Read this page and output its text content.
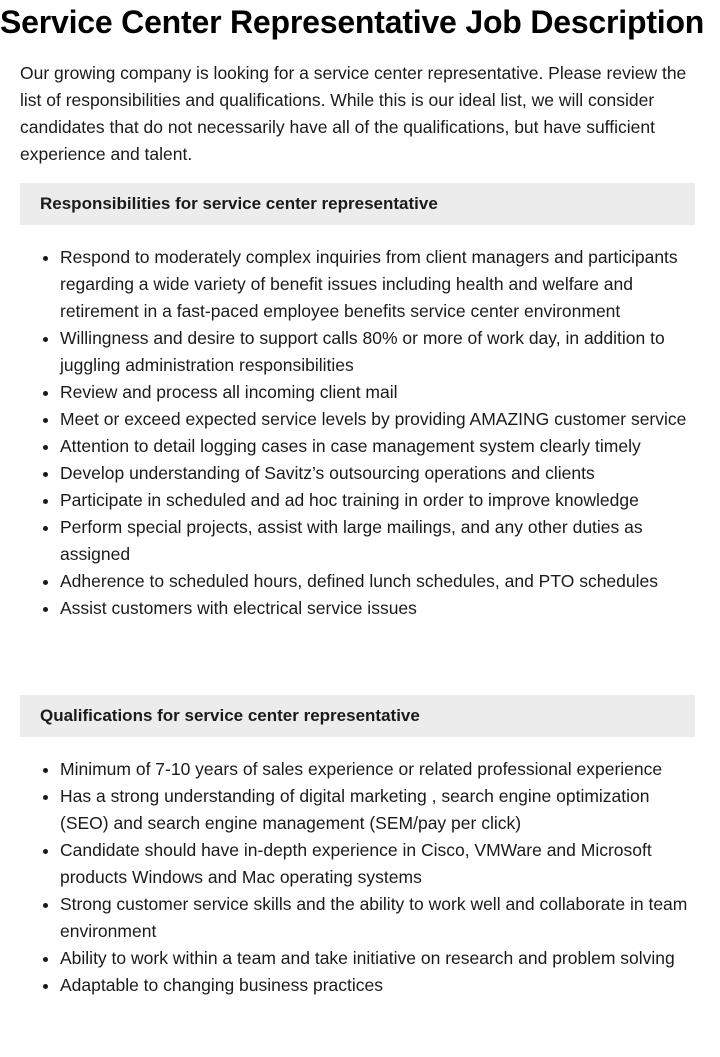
Service Center Representative Job Description

Our growing company is looking for a service center representative. Please review the list of responsibilities and qualifications. While this is our ideal list, we will consider candidates that do not necessarily have all of the qualifications, but have sufficient experience and talent.

Responsibilities for service center representative
• Respond to moderately complex inquiries from client managers and participants regarding a wide variety of benefit issues including health and welfare and retirement in a fast-paced employee benefits service center environment
• Willingness and desire to support calls 80% or more of work day, in addition to juggling administration responsibilities
• Review and process all incoming client mail
• Meet or exceed expected service levels by providing AMAZING customer service
• Attention to detail logging cases in case management system clearly timely
• Develop understanding of Savitz’s outsourcing operations and clients
• Participate in scheduled and ad hoc training in order to improve knowledge
• Perform special projects, assist with large mailings, and any other duties as assigned
• Adherence to scheduled hours, defined lunch schedules, and PTO schedules
• Assist customers with electrical service issues
Qualifications for service center representative
• Minimum of 7-10 years of sales experience or related professional experience
• Has a strong understanding of digital marketing , search engine optimization (SEO) and search engine management (SEM/pay per click)
• Candidate should have in-depth experience in Cisco, VMWare and Microsoft products Windows and Mac operating systems
• Strong customer service skills and the ability to work well and collaborate in team environment
• Ability to work within a team and take initiative on research and problem solving
• Adaptable to changing business practices
